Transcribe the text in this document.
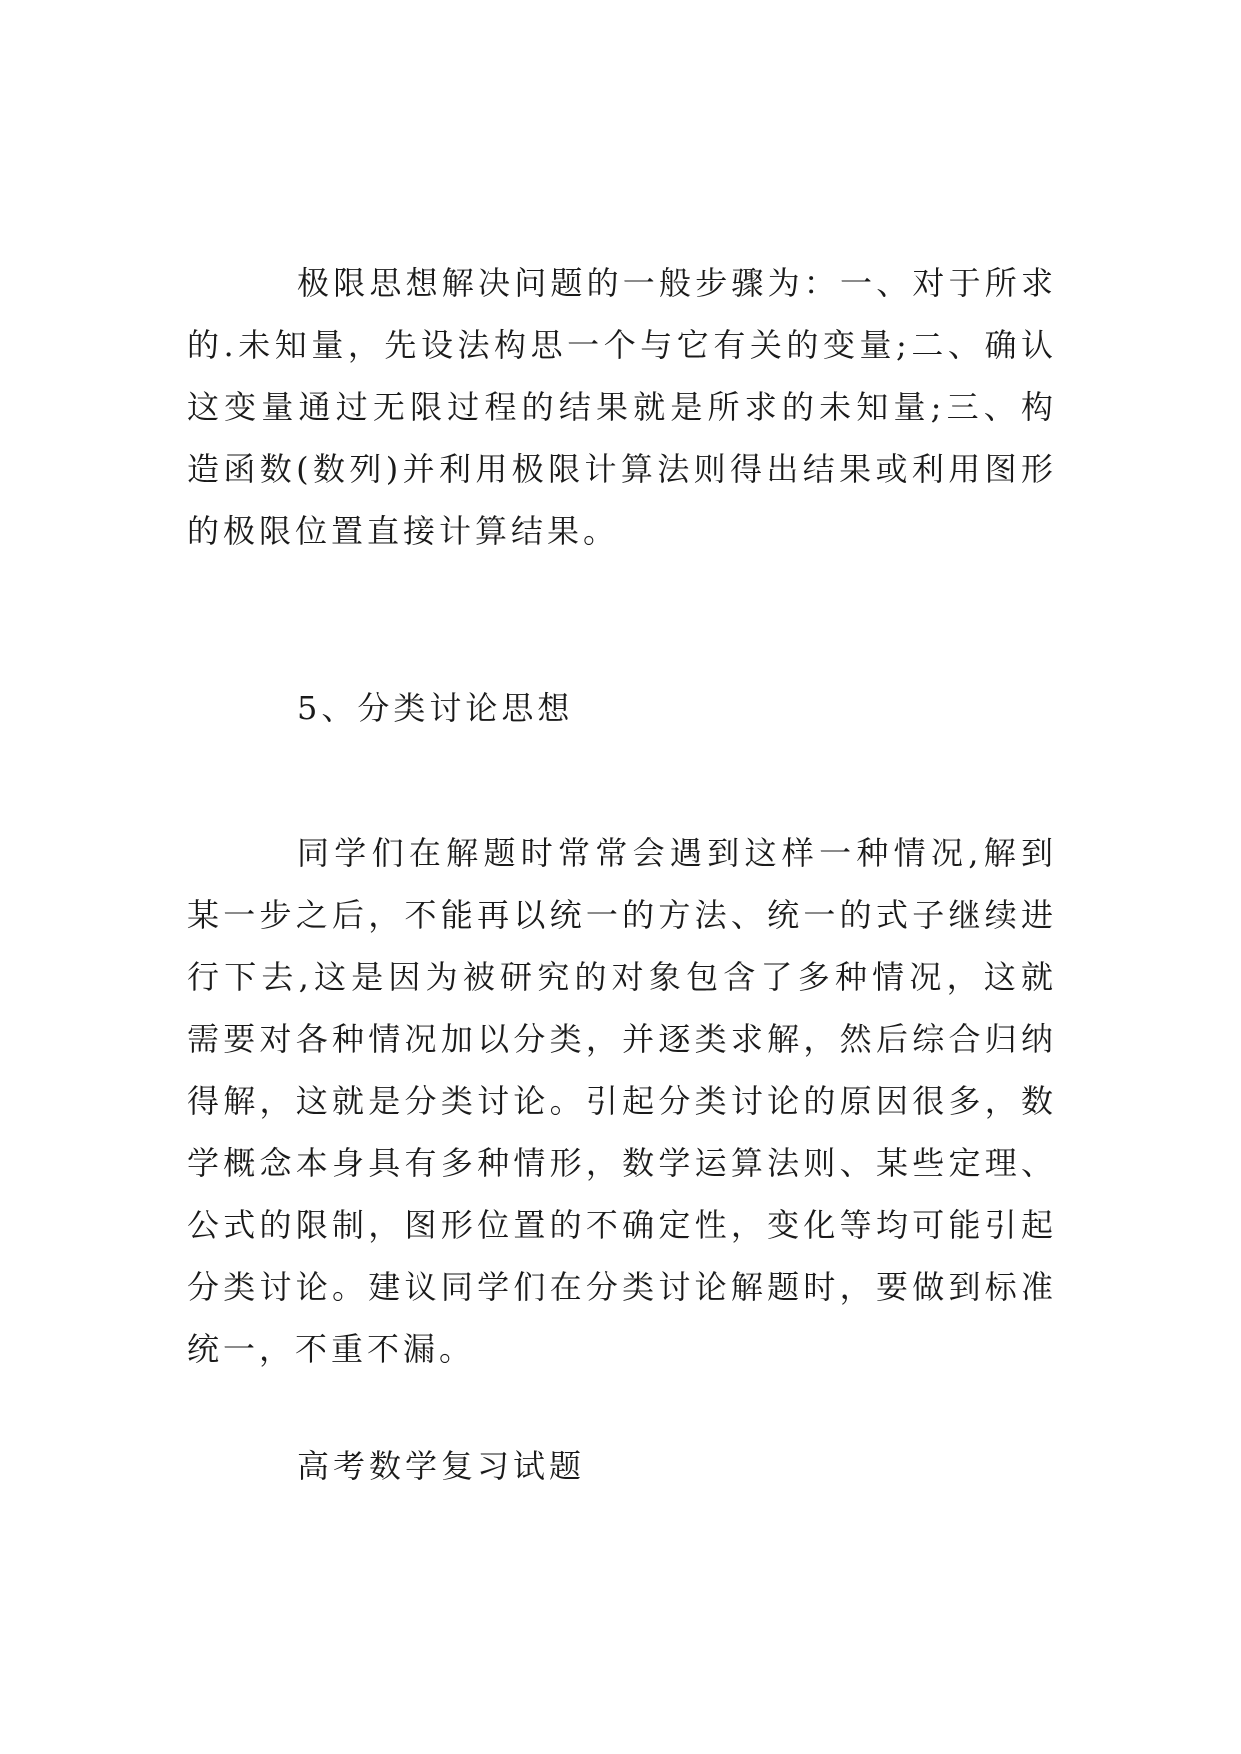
极限思想解决问题的一般步骤为：一、对于所求的.未知量，先设法构思一个与它有关的变量;二、确认这变量通过无限过程的结果就是所求的未知量;三、构造函数(数列)并利用极限计算法则得出结果或利用图形的极限位置直接计算结果。

5、分类讨论思想

同学们在解题时常常会遇到这样一种情况,解到某一步之后，不能再以统一的方法、统一的式子继续进行下去,这是因为被研究的对象包含了多种情况，这就需要对各种情况加以分类，并逐类求解，然后综合归纳得解，这就是分类讨论。引起分类讨论的原因很多，数学概念本身具有多种情形，数学运算法则、某些定理、公式的限制，图形位置的不确定性，变化等均可能引起分类讨论。建议同学们在分类讨论解题时，要做到标准统一，不重不漏。

高考数学复习试题
